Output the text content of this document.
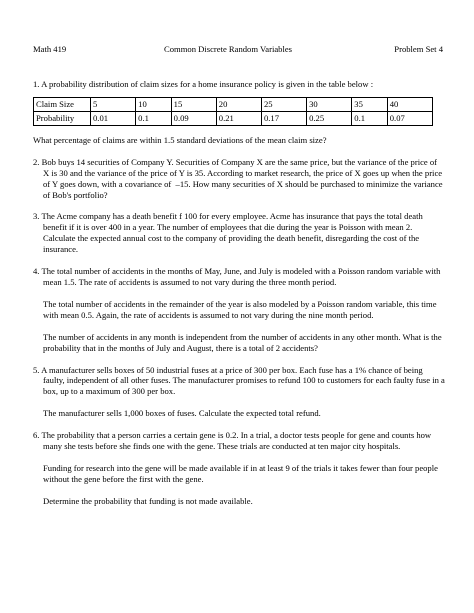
Math 419	Common Discrete Random Variables	Problem Set 4

1. A probability distribution of claim sizes for a home insurance policy is given in the table below :

Claim Size	5	10	15	20	25	30	35	40
Probability	0.01	0.1	0.09	0.21	0.17	0.25	0.1	0.07

What percentage of claims are within 1.5 standard deviations of the mean claim size?

2. Bob buys 14 securities of Company Y. Securities of Company X are the same price, but the variance of the price of X is 30 and the variance of the price of Y is 35. According to market research, the price of X goes up when the price of Y goes down, with a covariance of  –15. How many securities of X should be purchased to minimize the variance of Bob's portfolio?

3. The Acme company has a death benefit f 100 for every employee. Acme has insurance that pays the total death benefit if it is over 400 in a year. The number of employees that die during the year is Poisson with mean 2. Calculate the expected annual cost to the company of providing the death benefit, disregarding the cost of the insurance.

4. The total number of accidents in the months of May, June, and July is modeled with a Poisson random variable with mean 1.5. The rate of accidents is assumed to not vary during the three month period.

The total number of accidents in the remainder of the year is also modeled by a Poisson random variable, this time with mean 0.5. Again, the rate of accidents is assumed to not vary during the nine month period.

The number of accidents in any month is independent from the number of accidents in any other month. What is the probability that in the months of July and August, there is a total of 2 accidents?

5. A manufacturer sells boxes of 50 industrial fuses at a price of 300 per box. Each fuse has a 1% chance of being faulty, independent of all other fuses. The manufacturer promises to refund 100 to customers for each faulty fuse in a box, up to a maximum of 300 per box.

The manufacturer sells 1,000 boxes of fuses. Calculate the expected total refund.

6. The probability that a person carries a certain gene is 0.2. In a trial, a doctor tests people for gene and counts how many she tests before she finds one with the gene. These trials are conducted at ten major city hospitals.

Funding for research into the gene will be made available if in at least 9 of the trials it takes fewer than four people without the gene before the first with the gene.

Determine the probability that funding is not made available.
